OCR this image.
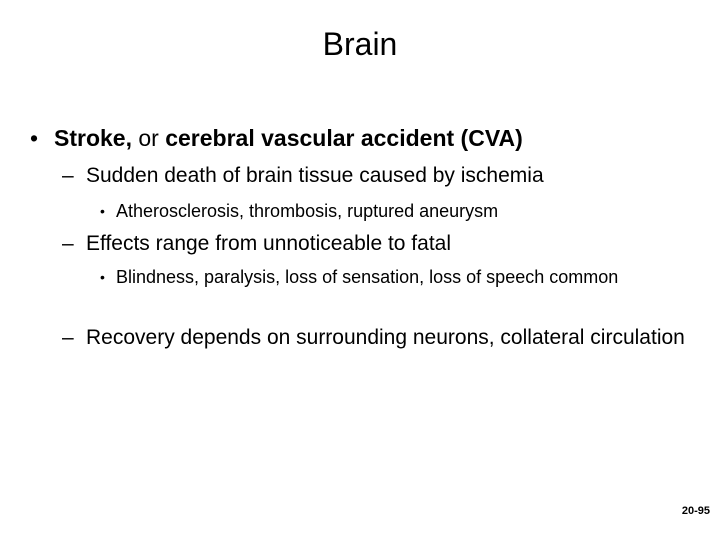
Brain
• Stroke, or cerebral vascular accident (CVA)
– Sudden death of brain tissue caused by ischemia
• Atherosclerosis, thrombosis, ruptured aneurysm
– Effects range from unnoticeable to fatal
• Blindness, paralysis, loss of sensation, loss of speech common
– Recovery depends on surrounding neurons, collateral circulation
20-95
